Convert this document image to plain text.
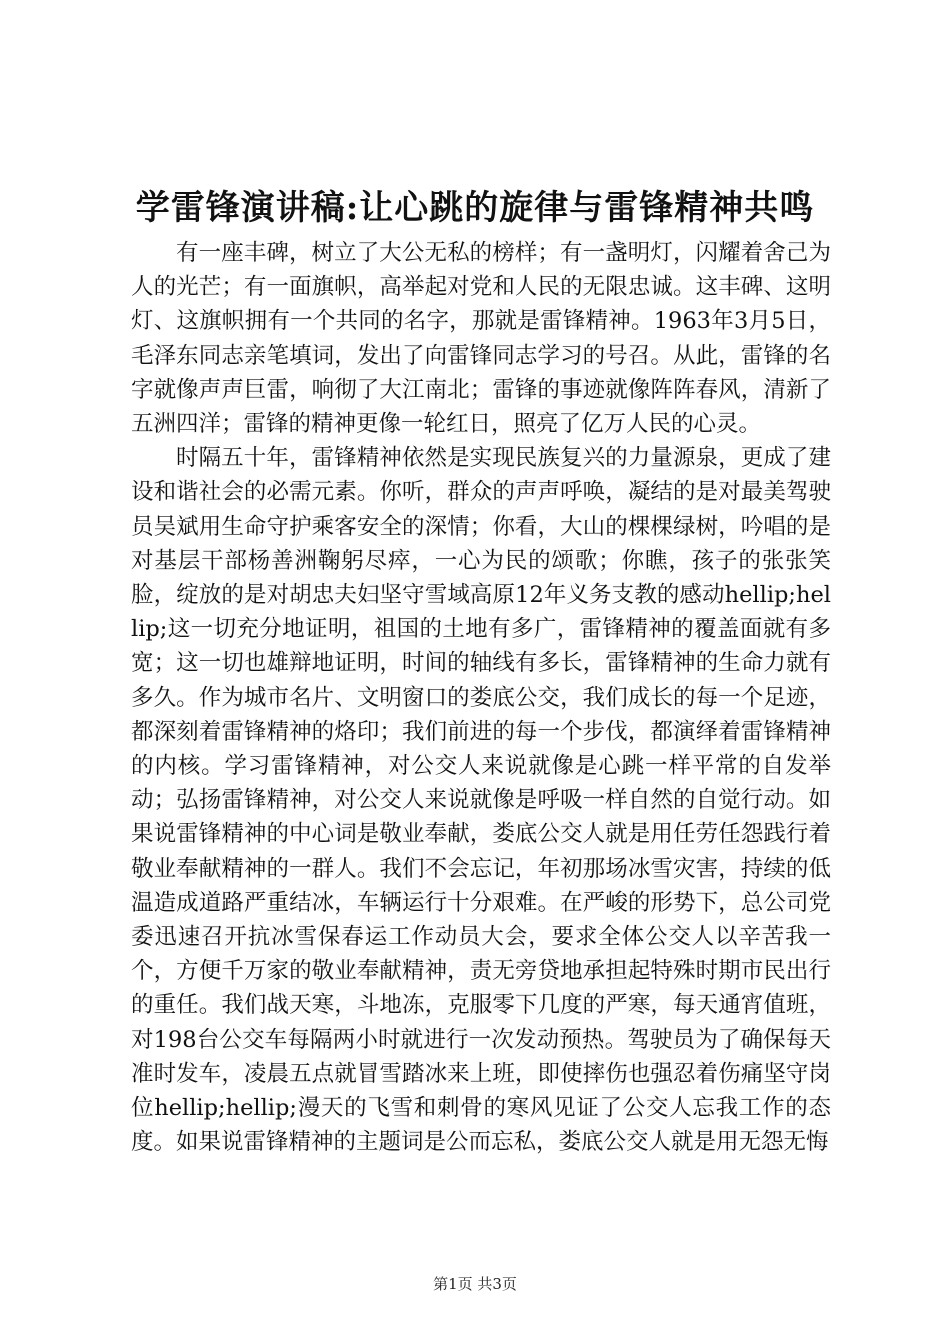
学雷锋演讲稿:让心跳的旋律与雷锋精神共鸣

有一座丰碑，树立了大公无私的榜样；有一盏明灯，闪耀着舍己为人的光芒；有一面旗帜，高举起对党和人民的无限忠诚。这丰碑、这明灯、这旗帜拥有一个共同的名字，那就是雷锋精神。1963年3月5日，毛泽东同志亲笔填词，发出了向雷锋同志学习的号召。从此，雷锋的名字就像声声巨雷，响彻了大江南北；雷锋的事迹就像阵阵春风，清新了五洲四洋；雷锋的精神更像一轮红日，照亮了亿万人民的心灵。

时隔五十年，雷锋精神依然是实现民族复兴的力量源泉，更成了建设和谐社会的必需元素。你听，群众的声声呼唤，凝结的是对最美驾驶员吴斌用生命守护乘客安全的深情；你看，大山的棵棵绿树，吟唱的是对基层干部杨善洲鞠躬尽瘁，一心为民的颂歌；你瞧，孩子的张张笑脸，绽放的是对胡忠夫妇坚守雪域高原12年义务支教的感动hellip;hellip;这一切充分地证明，祖国的土地有多广，雷锋精神的覆盖面就有多宽；这一切也雄辩地证明，时间的轴线有多长，雷锋精神的生命力就有多久。作为城市名片、文明窗口的娄底公交，我们成长的每一个足迹，都深刻着雷锋精神的烙印；我们前进的每一个步伐，都演绎着雷锋精神的内核。学习雷锋精神，对公交人来说就像是心跳一样平常的自发举动；弘扬雷锋精神，对公交人来说就像是呼吸一样自然的自觉行动。如果说雷锋精神的中心词是敬业奉献，娄底公交人就是用任劳任怨践行着敬业奉献精神的一群人。我们不会忘记，年初那场冰雪灾害，持续的低温造成道路严重结冰，车辆运行十分艰难。在严峻的形势下，总公司党委迅速召开抗冰雪保春运工作动员大会，要求全体公交人以辛苦我一个，方便千万家的敬业奉献精神，责无旁贷地承担起特殊时期市民出行的重任。我们战天寒，斗地冻，克服零下几度的严寒，每天通宵值班，对198台公交车每隔两小时就进行一次发动预热。驾驶员为了确保每天准时发车，凌晨五点就冒雪踏冰来上班，即使摔伤也强忍着伤痛坚守岗位hellip;hellip;漫天的飞雪和刺骨的寒风见证了公交人忘我工作的态度。如果说雷锋精神的主题词是公而忘私，娄底公交人就是用无怨无悔

第1页 共3页
